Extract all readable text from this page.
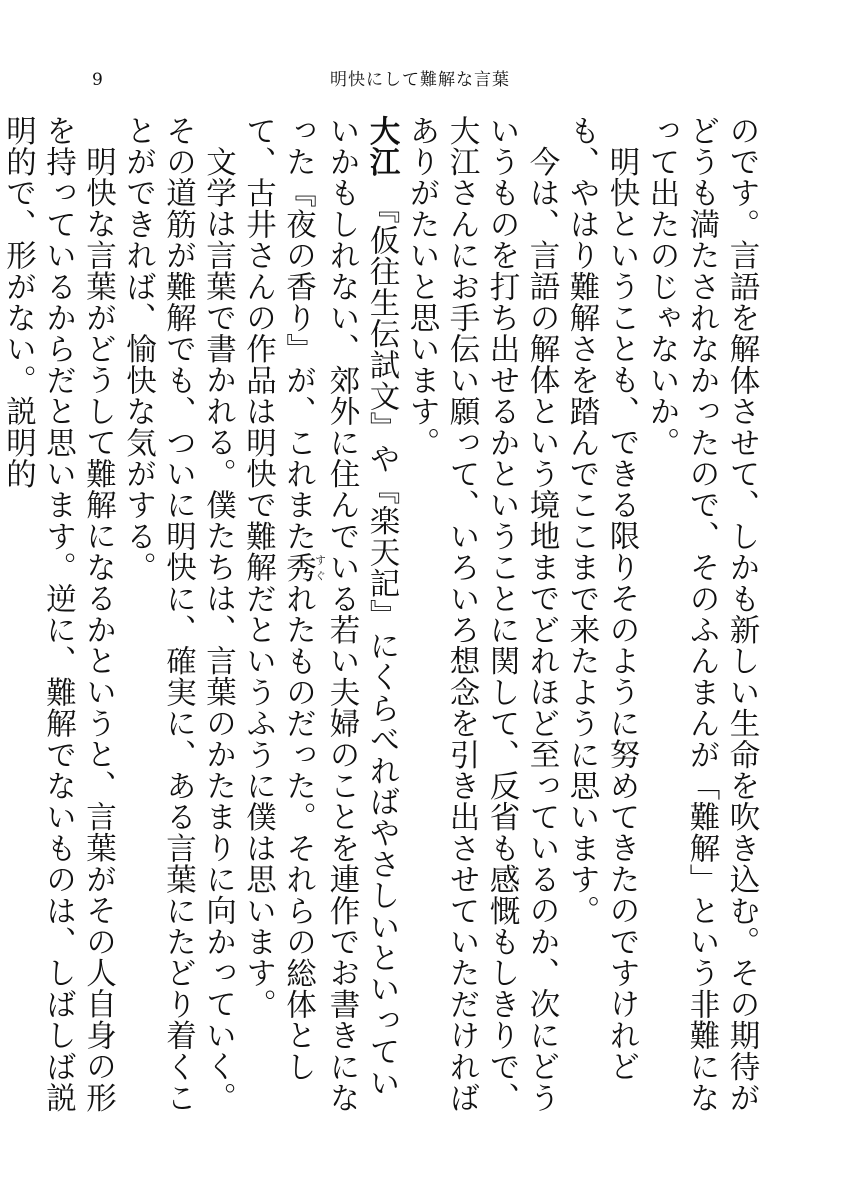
9	明快にして難解な言葉

のです。言語を解体させて、しかも新しい生命を吹き込む。その期待がどうも満たされなかったので、そのふんまんが「難解」という非難になって出たのじゃないか。

明快ということも、できる限りそのように努めてきたのですけれども、やはり難解さを踏んでここまで来たように思います。

今は、言語の解体という境地までどれほど至っているのか、次にどういうものを打ち出せるかということに関して、反省も感慨もしきりで、大江さんにお手伝い願って、いろいろ想念を引き出させていただければありがたいと思います。

大江　『仮往生伝試文』や『楽天記』にくらべればやさしいといっていいかもしれない、郊外に住んでいる若い夫婦のことを連作でお書きになった『夜の香り』が、これまた秀すぐれたものだった。それらの総体として、古井さんの作品は明快で難解だというふうに僕は思います。

文学は言葉で書かれる。僕たちは、言葉のかたまりに向かっていく。その道筋が難解でも、ついに明快に、確実に、ある言葉にたどり着くことができれば、愉快な気がする。

明快な言葉がどうして難解になるかというと、言葉がその人自身の形を持っているからだと思います。逆に、難解でないものは、しばしば説明的で、形がない。説明的
